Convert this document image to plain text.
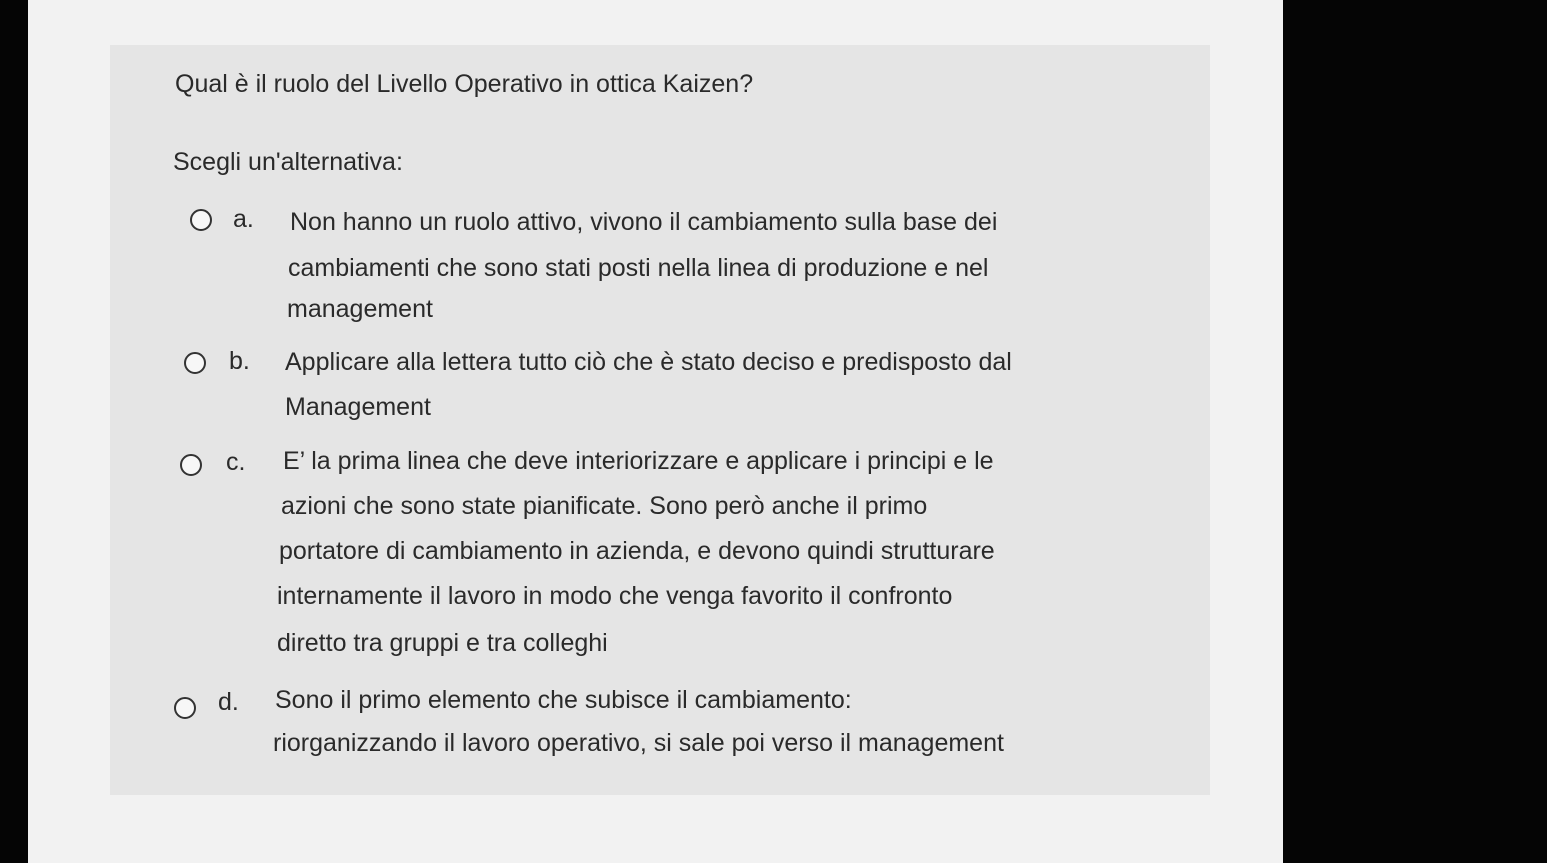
Qual è il ruolo del Livello Operativo in ottica Kaizen?
Scegli un'alternativa:
a. Non hanno un ruolo attivo, vivono il cambiamento sulla base dei
cambiamenti che sono stati posti nella linea di produzione e nel
management
b. Applicare alla lettera tutto ciò che è stato deciso e predisposto dal
Management
c. E’ la prima linea che deve interiorizzare e applicare i principi e le
azioni che sono state pianificate. Sono però anche il primo
portatore di cambiamento in azienda, e devono quindi strutturare
internamente il lavoro in modo che venga favorito il confronto
diretto tra gruppi e tra colleghi
d. Sono il primo elemento che subisce il cambiamento:
riorganizzando il lavoro operativo, si sale poi verso il management
